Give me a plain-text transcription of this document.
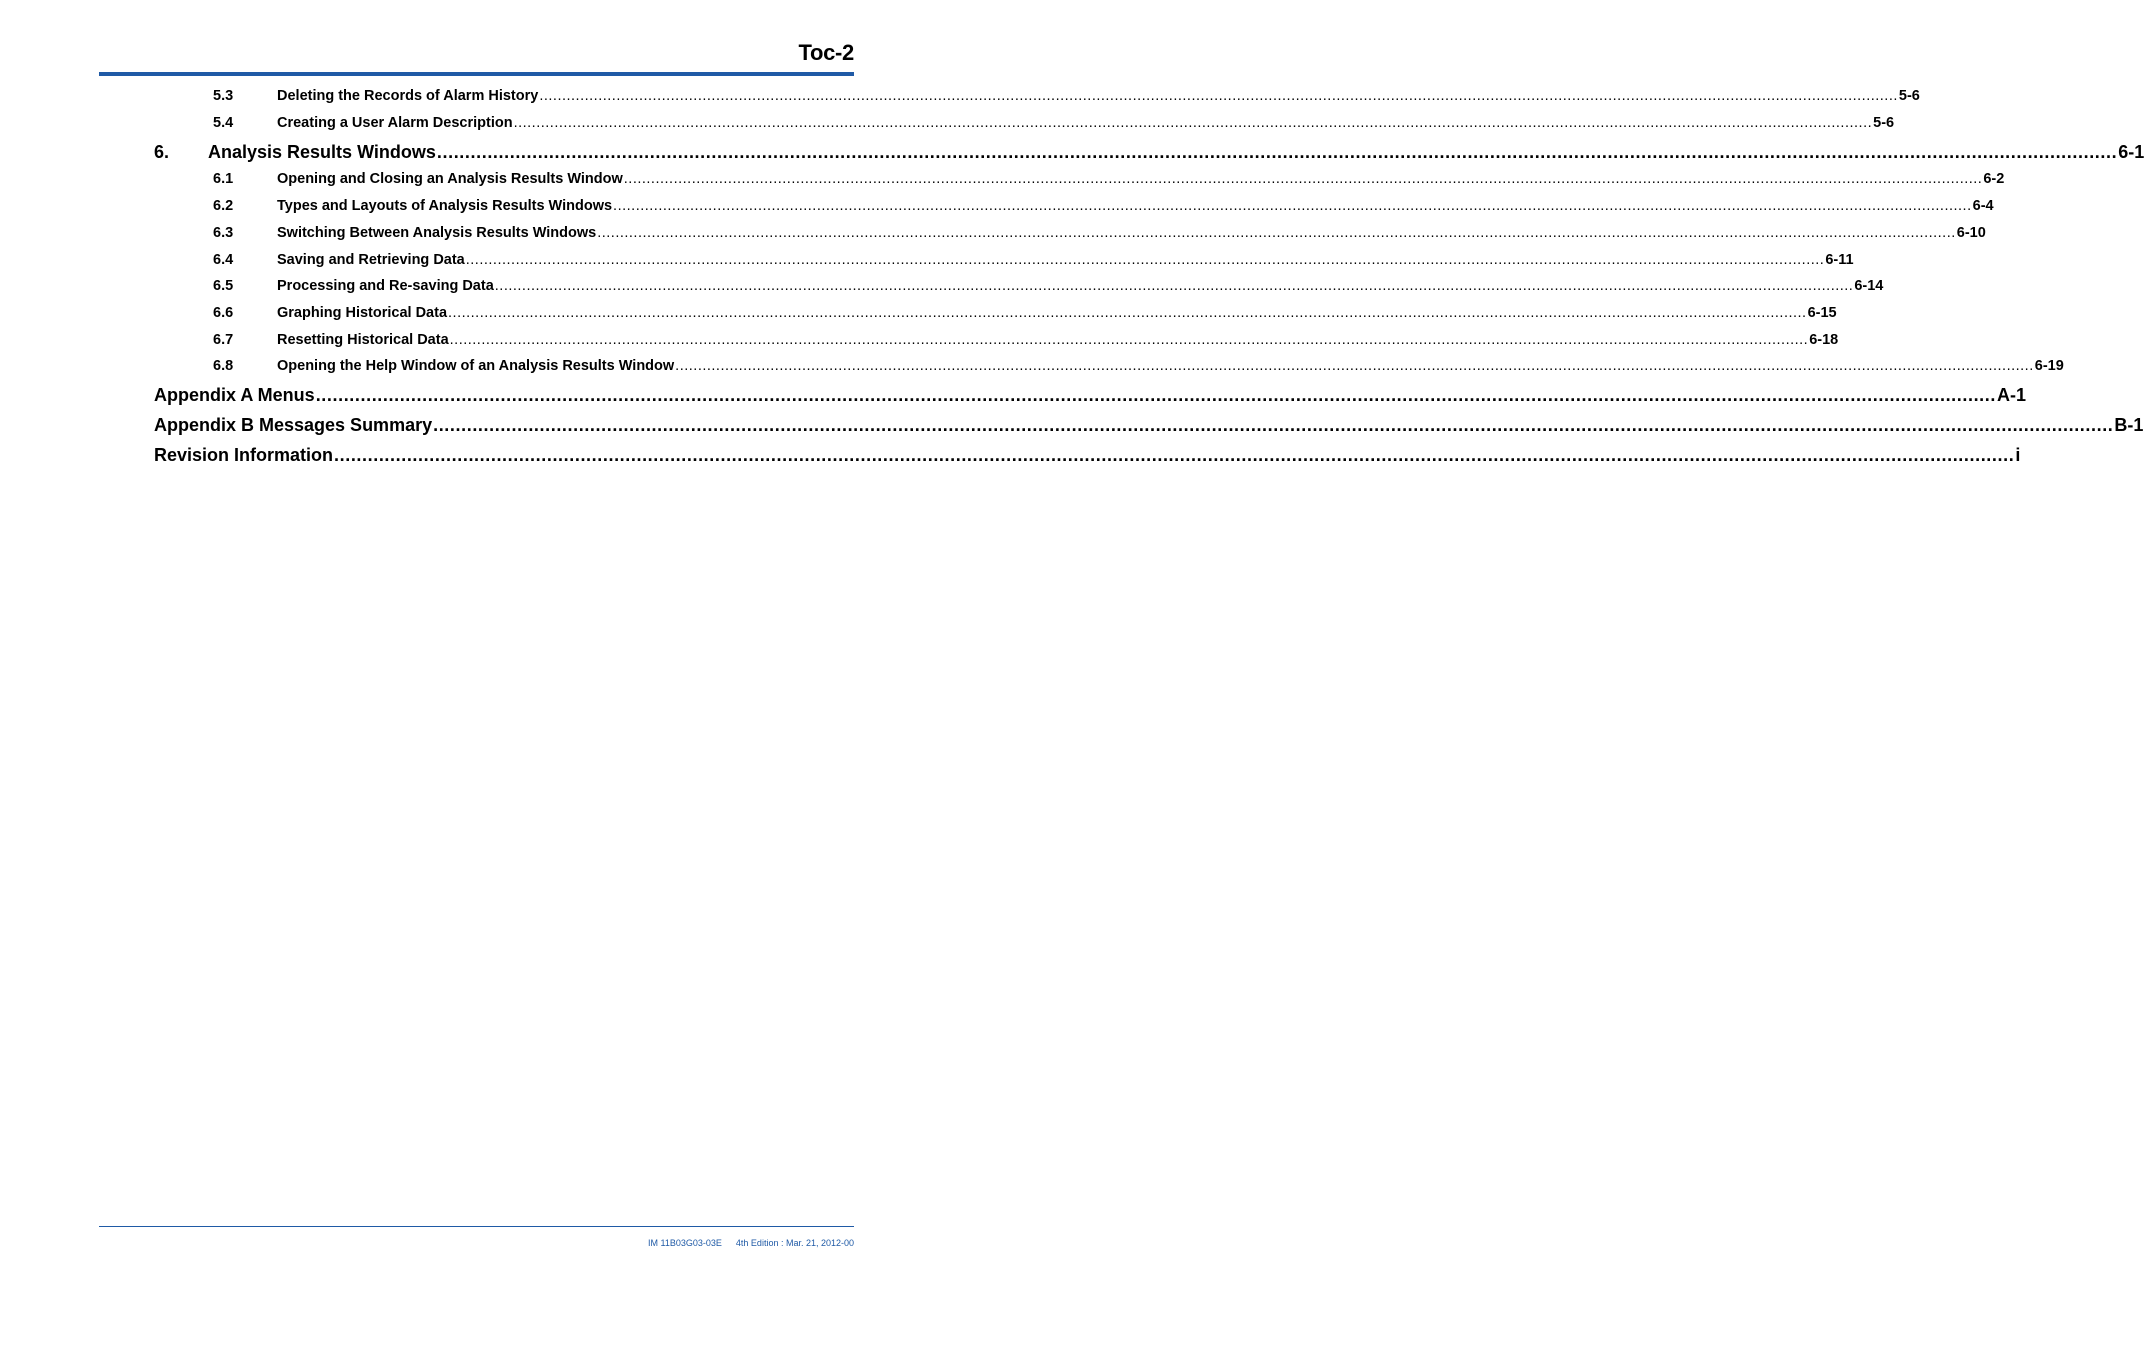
Toc-2
5.3	Deleting the Records of Alarm History ............................................................................................................................................................................................................................................................................................................ 5-6
5.4	Creating a User Alarm Description ............................................................................................................................................................................................................................................................................................................ 5-6
6.	Analysis Results Windows ............................................................................................................................................................................................................................................................................................................ 6-1
6.1	Opening and Closing an Analysis Results Window ............................................................................................................................................................................................................................................................................................................ 6-2
6.2	Types and Layouts of Analysis Results Windows ............................................................................................................................................................................................................................................................................................................ 6-4
6.3	Switching Between Analysis Results Windows ............................................................................................................................................................................................................................................................................................................ 6-10
6.4	Saving and Retrieving Data ............................................................................................................................................................................................................................................................................................................ 6-11
6.5	Processing and Re-saving Data ............................................................................................................................................................................................................................................................................................................ 6-14
6.6	Graphing Historical Data ............................................................................................................................................................................................................................................................................................................ 6-15
6.7	Resetting Historical Data ............................................................................................................................................................................................................................................................................................................ 6-18
6.8	Opening the Help Window of an Analysis Results Window ............................................................................................................................................................................................................................................................................................................ 6-19
Appendix A Menus ............................................................................................................................................................................................................................................................................................................ A-1
Appendix B Messages Summary ............................................................................................................................................................................................................................................................................................................ B-1
Revision Information ............................................................................................................................................................................................................................................................................................................ i
IM 11B03G03-03E 4th Edition : Mar. 21, 2012-00
